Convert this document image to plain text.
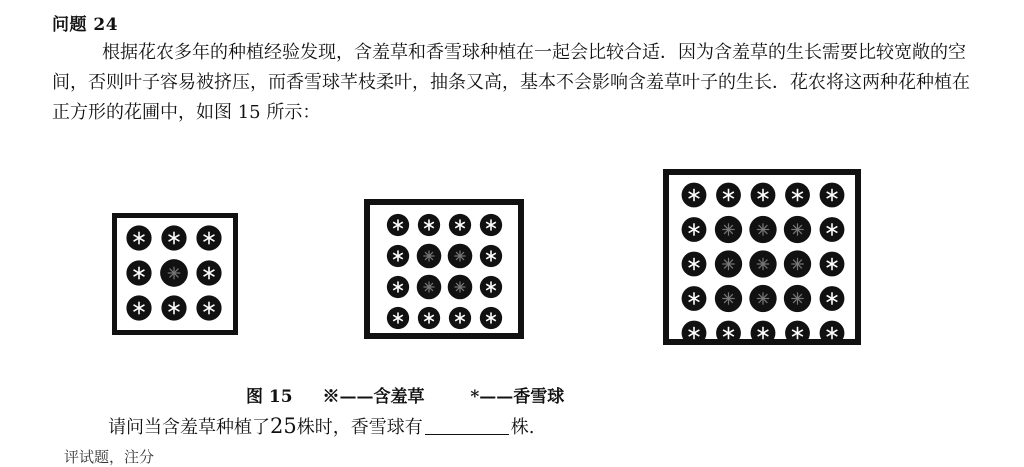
问题 24
根据花农多年的种植经验发现，含羞草和香雪球种植在一起会比较合适．因为含羞草的生长需要比较宽敞的空间，否则叶子容易被挤压，而香雪球芊枝柔叶，抽条又高，基本不会影响含羞草叶子的生长．花农将这两种花种植在正方形的花圃中，如图 15 所示：
图 15 ※——含羞草	*——香雪球
请问当含羞草种植了25株时，香雪球有	株.
评试题，注分
